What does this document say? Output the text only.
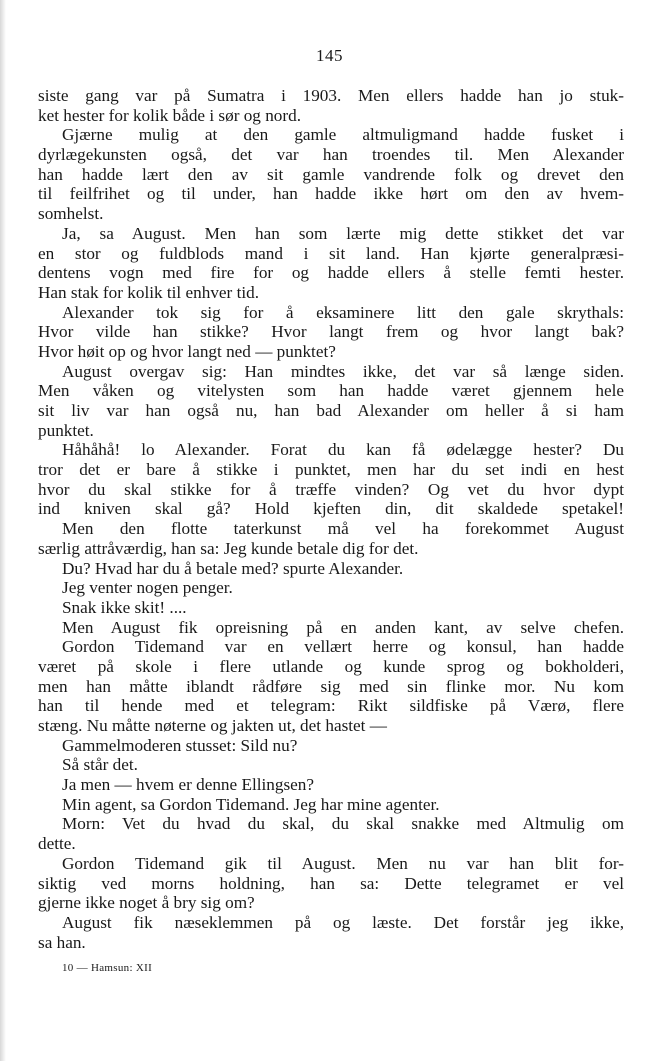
145
siste gang var på Sumatra i 1903. Men ellers hadde han jo stuk-
ket hester for kolik både i sør og nord.
Gjærne mulig at den gamle altmuligmand hadde fusket i
dyrlægekunsten også, det var han troendes til. Men Alexander
han hadde lært den av sit gamle vandrende folk og drevet den
til feilfrihet og til under, han hadde ikke hørt om den av hvem-
somhelst.
Ja, sa August. Men han som lærte mig dette stikket det var
en stor og fuldblods mand i sit land. Han kjørte generalpræsi-
dentens vogn med fire for og hadde ellers å stelle femti hester.
Han stak for kolik til enhver tid.
Alexander tok sig for å eksaminere litt den gale skrythals:
Hvor vilde han stikke? Hvor langt frem og hvor langt bak?
Hvor høit op og hvor langt ned — punktet?
August overgav sig: Han mindtes ikke, det var så længe siden.
Men våken og vitelysten som han hadde været gjennem hele
sit liv var han også nu, han bad Alexander om heller å si ham
punktet.
Håhåhå! lo Alexander. Forat du kan få ødelægge hester? Du
tror det er bare å stikke i punktet, men har du set indi en hest
hvor du skal stikke for å træffe vinden? Og vet du hvor dypt
ind kniven skal gå? Hold kjeften din, dit skaldede spetakel!
Men den flotte taterkunst må vel ha forekommet August
særlig attråværdig, han sa: Jeg kunde betale dig for det.
Du? Hvad har du å betale med? spurte Alexander.
Jeg venter nogen penger.
Snak ikke skit! ....
Men August fik opreisning på en anden kant, av selve chefen.
Gordon Tidemand var en vellært herre og konsul, han hadde
været på skole i flere utlande og kunde sprog og bokholderi,
men han måtte iblandt rådføre sig med sin flinke mor. Nu kom
han til hende med et telegram: Rikt sildfiske på Værø, flere
stæng. Nu måtte nøterne og jakten ut, det hastet —
Gammelmoderen stusset: Sild nu?
Så står det.
Ja men — hvem er denne Ellingsen?
Min agent, sa Gordon Tidemand. Jeg har mine agenter.
Morn: Vet du hvad du skal, du skal snakke med Altmulig om
dette.
Gordon Tidemand gik til August. Men nu var han blit for-
siktig ved morns holdning, han sa: Dette telegramet er vel
gjerne ikke noget å bry sig om?
August fik næseklemmen på og læste. Det forstår jeg ikke,
sa han.
10 — Hamsun: XII
